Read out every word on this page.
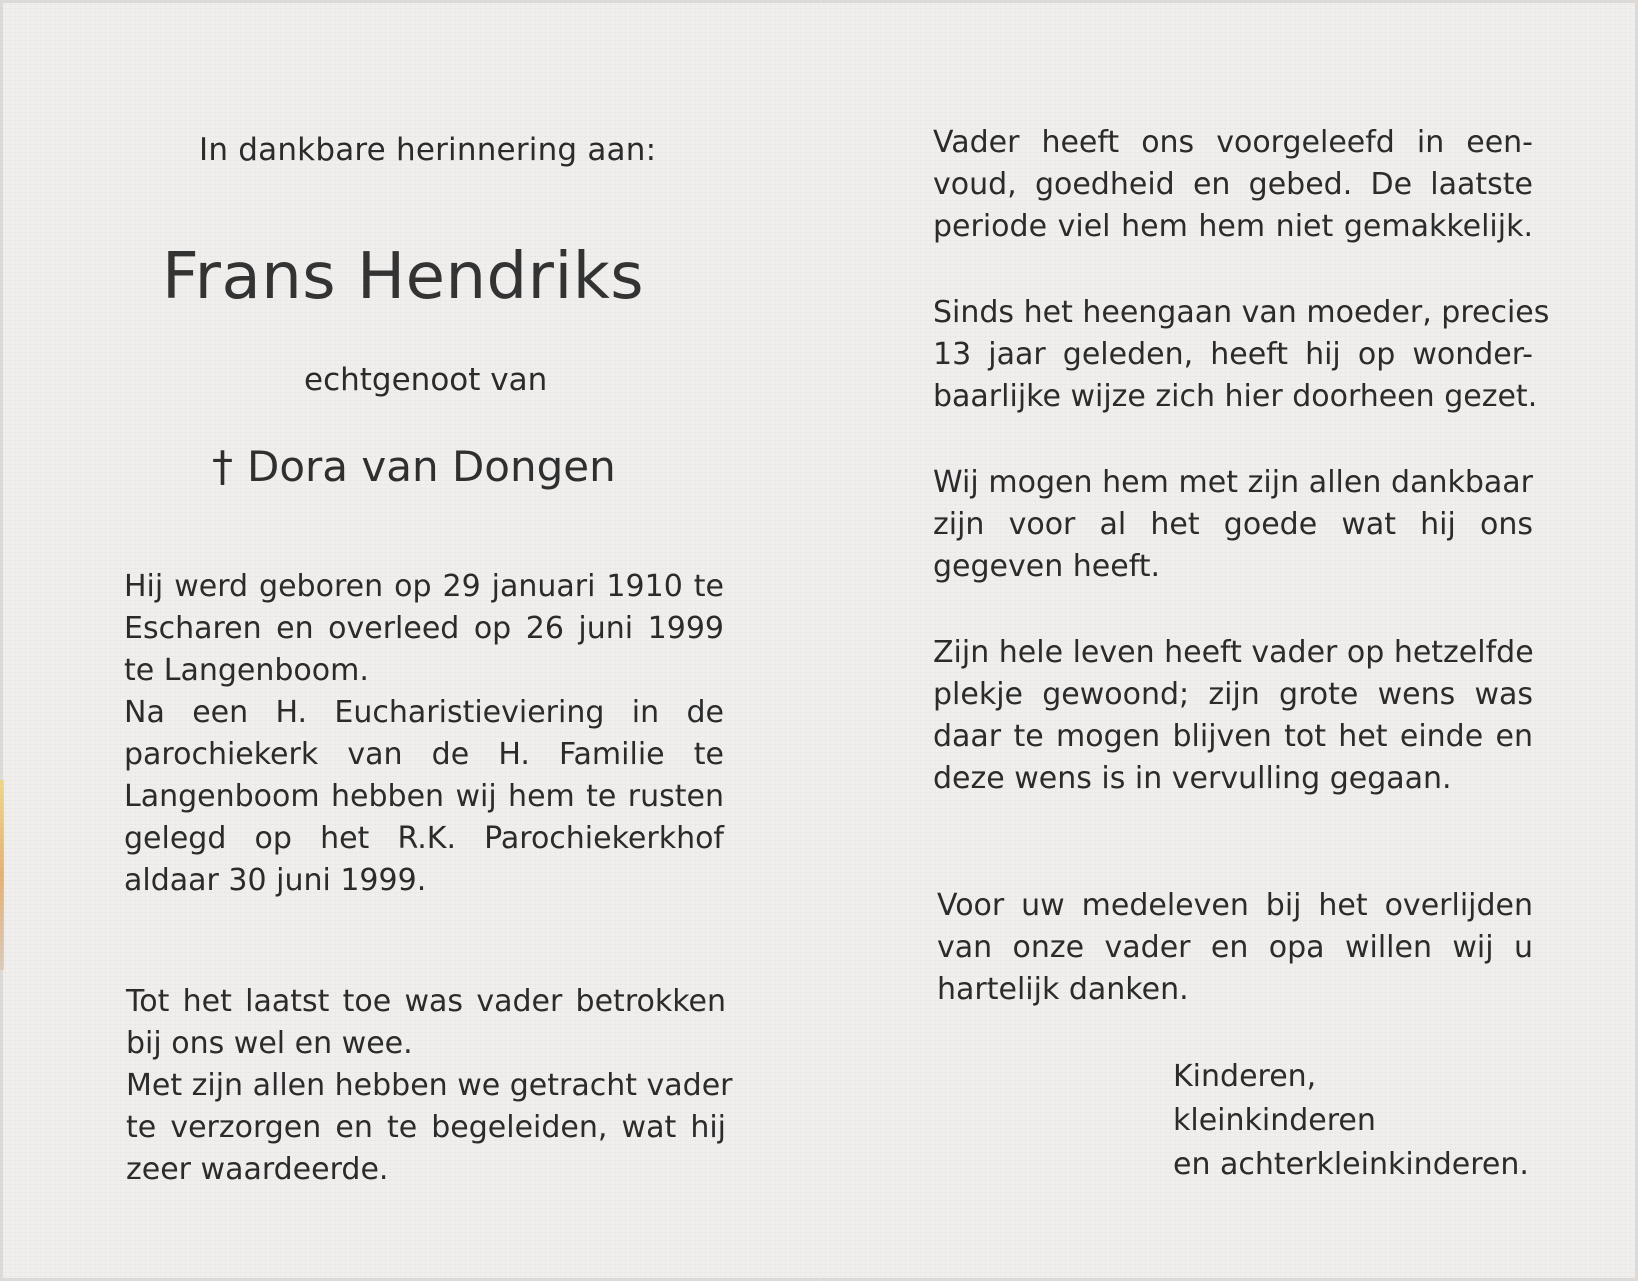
In dankbare herinnering aan:
Frans Hendriks
echtgenoot van
† Dora van Dongen
Hij werd geboren op 29 januari 1910 te
Escharen en overleed op 26 juni 1999
te Langenboom.
Na een H. Eucharistieviering in de
parochiekerk van de H. Familie te
Langenboom hebben wij hem te rusten
gelegd op het R.K. Parochiekerkhof
aldaar 30 juni 1999.
Tot het laatst toe was vader betrokken
bij ons wel en wee.
Met zijn allen hebben we getracht vader
te verzorgen en te begeleiden, wat hij
zeer waardeerde.
Vader heeft ons voorgeleefd in een-
voud, goedheid en gebed. De laatste
periode viel hem hem niet gemakkelijk.
Sinds het heengaan van moeder, precies
13 jaar geleden, heeft hij op wonder-
baarlijke wijze zich hier doorheen gezet.
Wij mogen hem met zijn allen dankbaar
zijn voor al het goede wat hij ons
gegeven heeft.
Zijn hele leven heeft vader op hetzelfde
plekje gewoond; zijn grote wens was
daar te mogen blijven tot het einde en
deze wens is in vervulling gegaan.
Voor uw medeleven bij het overlijden
van onze vader en opa willen wij u
hartelijk danken.
Kinderen,
kleinkinderen
en achterkleinkinderen.
